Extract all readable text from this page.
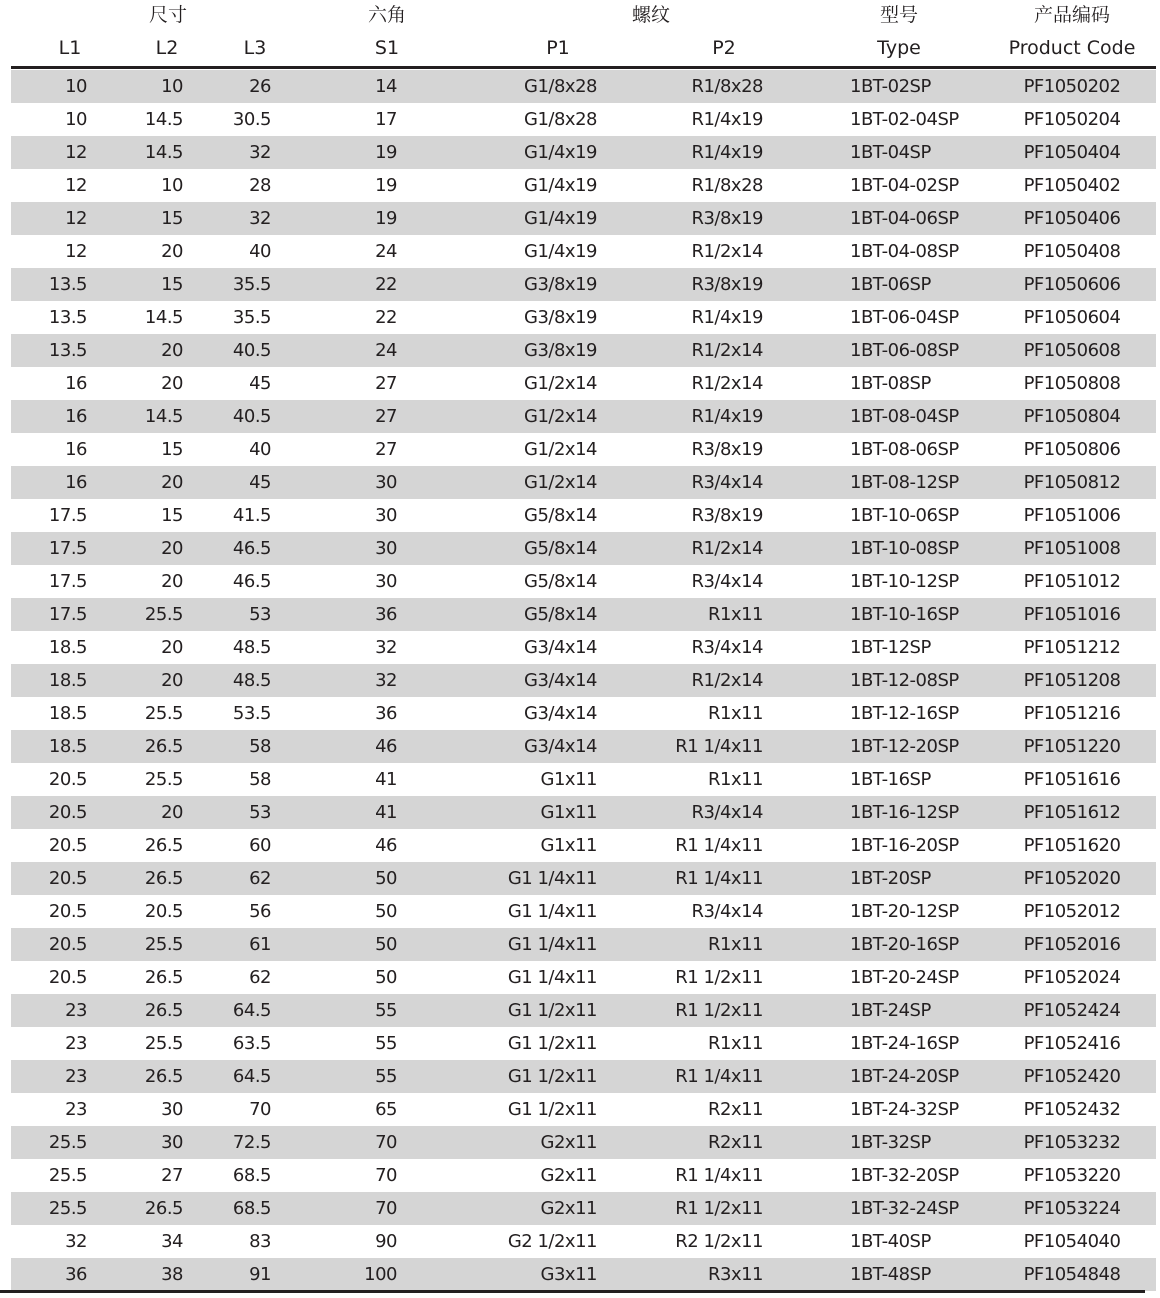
尺寸	六角	螺纹	型号	产品编码
L1	L2	L3	S1	P1	P2	Type	Product Code
10	10	26	14	G1/8x28	R1/8x28	1BT-02SP	PF1050202
10	14.5	30.5	17	G1/8x28	R1/4x19	1BT-02-04SP	PF1050204
12	14.5	32	19	G1/4x19	R1/4x19	1BT-04SP	PF1050404
12	10	28	19	G1/4x19	R1/8x28	1BT-04-02SP	PF1050402
12	15	32	19	G1/4x19	R3/8x19	1BT-04-06SP	PF1050406
12	20	40	24	G1/4x19	R1/2x14	1BT-04-08SP	PF1050408
13.5	15	35.5	22	G3/8x19	R3/8x19	1BT-06SP	PF1050606
13.5	14.5	35.5	22	G3/8x19	R1/4x19	1BT-06-04SP	PF1050604
13.5	20	40.5	24	G3/8x19	R1/2x14	1BT-06-08SP	PF1050608
16	20	45	27	G1/2x14	R1/2x14	1BT-08SP	PF1050808
16	14.5	40.5	27	G1/2x14	R1/4x19	1BT-08-04SP	PF1050804
16	15	40	27	G1/2x14	R3/8x19	1BT-08-06SP	PF1050806
16	20	45	30	G1/2x14	R3/4x14	1BT-08-12SP	PF1050812
17.5	15	41.5	30	G5/8x14	R3/8x19	1BT-10-06SP	PF1051006
17.5	20	46.5	30	G5/8x14	R1/2x14	1BT-10-08SP	PF1051008
17.5	20	46.5	30	G5/8x14	R3/4x14	1BT-10-12SP	PF1051012
17.5	25.5	53	36	G5/8x14	R1x11	1BT-10-16SP	PF1051016
18.5	20	48.5	32	G3/4x14	R3/4x14	1BT-12SP	PF1051212
18.5	20	48.5	32	G3/4x14	R1/2x14	1BT-12-08SP	PF1051208
18.5	25.5	53.5	36	G3/4x14	R1x11	1BT-12-16SP	PF1051216
18.5	26.5	58	46	G3/4x14	R1 1/4x11	1BT-12-20SP	PF1051220
20.5	25.5	58	41	G1x11	R1x11	1BT-16SP	PF1051616
20.5	20	53	41	G1x11	R3/4x14	1BT-16-12SP	PF1051612
20.5	26.5	60	46	G1x11	R1 1/4x11	1BT-16-20SP	PF1051620
20.5	26.5	62	50	G1 1/4x11	R1 1/4x11	1BT-20SP	PF1052020
20.5	20.5	56	50	G1 1/4x11	R3/4x14	1BT-20-12SP	PF1052012
20.5	25.5	61	50	G1 1/4x11	R1x11	1BT-20-16SP	PF1052016
20.5	26.5	62	50	G1 1/4x11	R1 1/2x11	1BT-20-24SP	PF1052024
23	26.5	64.5	55	G1 1/2x11	R1 1/2x11	1BT-24SP	PF1052424
23	25.5	63.5	55	G1 1/2x11	R1x11	1BT-24-16SP	PF1052416
23	26.5	64.5	55	G1 1/2x11	R1 1/4x11	1BT-24-20SP	PF1052420
23	30	70	65	G1 1/2x11	R2x11	1BT-24-32SP	PF1052432
25.5	30	72.5	70	G2x11	R2x11	1BT-32SP	PF1053232
25.5	27	68.5	70	G2x11	R1 1/4x11	1BT-32-20SP	PF1053220
25.5	26.5	68.5	70	G2x11	R1 1/2x11	1BT-32-24SP	PF1053224
32	34	83	90	G2 1/2x11	R2 1/2x11	1BT-40SP	PF1054040
36	38	91	100	G3x11	R3x11	1BT-48SP	PF1054848
